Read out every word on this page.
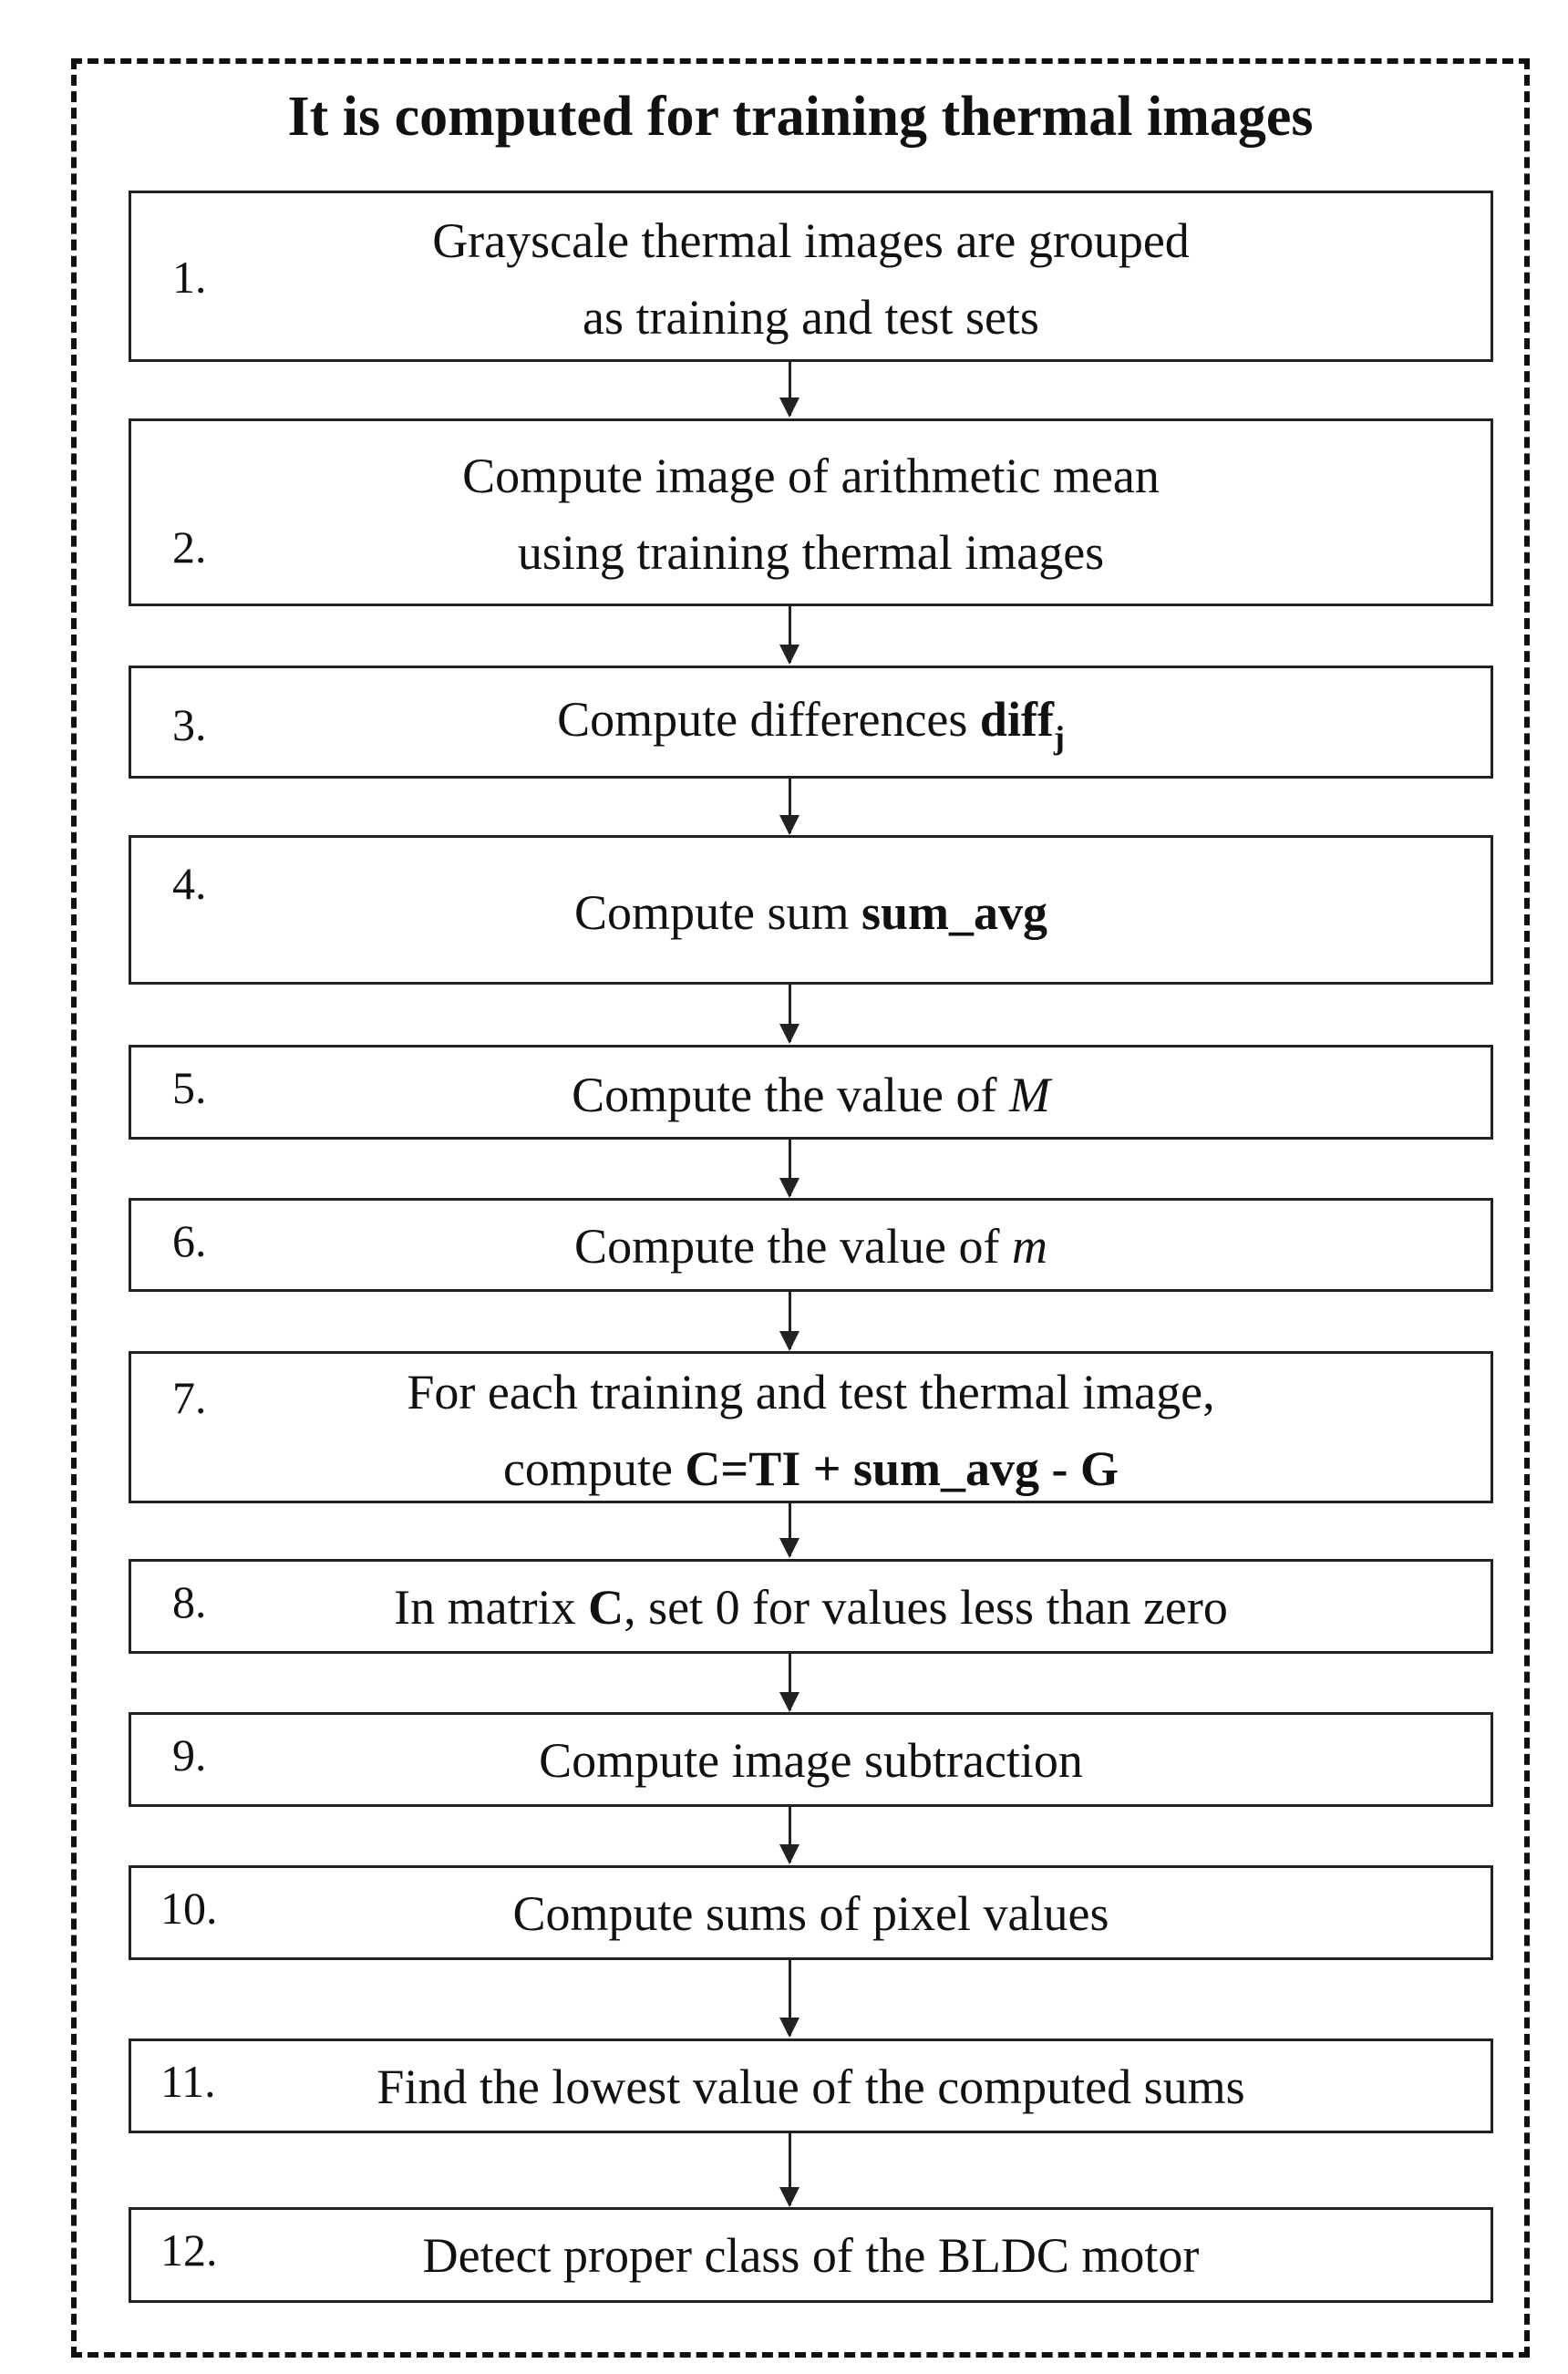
It is computed for training thermal images
1.
Grayscale thermal images are grouped
as training and test sets
2.
Compute image of arithmetic mean
using training thermal images
3.	Compute differences diff$_j$
4.
Compute sum sum_avg
5.	Compute the value of M
6.	Compute the value of m
7.	For each training and test thermal image,
compute C=TI + sum_avg - G
8.	In matrix C, set 0 for values less than zero
9.	Compute image subtraction
10.	Compute sums of pixel values
11.	Find the lowest value of the computed sums
12.	Detect proper class of the BLDC motor
